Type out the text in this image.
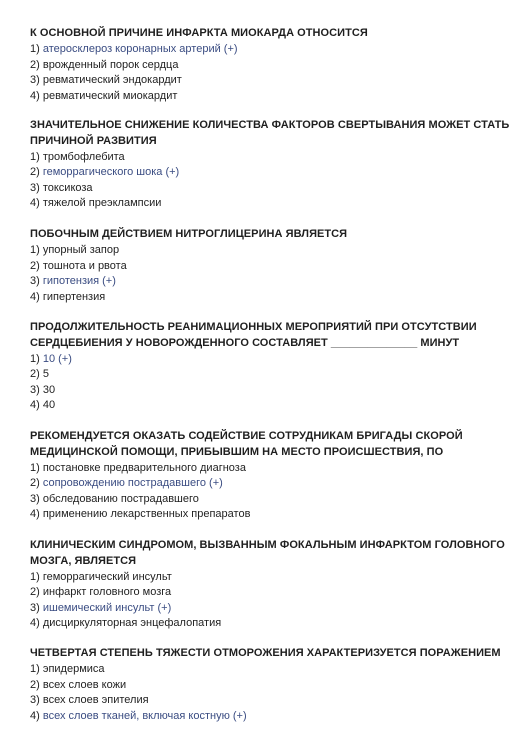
К ОСНОВНОЙ ПРИЧИНЕ ИНФАРКТА МИОКАРДА ОТНОСИТСЯ
1) атеросклероз коронарных артерий (+)
2) врожденный порок сердца
3) ревматический эндокардит
4) ревматический миокардит
ЗНАЧИТЕЛЬНОЕ СНИЖЕНИЕ КОЛИЧЕСТВА ФАКТОРОВ СВЕРТЫВАНИЯ МОЖЕТ СТАТЬ ПРИЧИНОЙ РАЗВИТИЯ
1) тромбофлебита
2) геморрагического шока (+)
3) токсикоза
4) тяжелой преэклампсии
ПОБОЧНЫМ ДЕЙСТВИЕМ НИТРОГЛИЦЕРИНА ЯВЛЯЕТСЯ
1) упорный запор
2) тошнота и рвота
3) гипотензия (+)
4) гипертензия
ПРОДОЛЖИТЕЛЬНОСТЬ РЕАНИМАЦИОННЫХ МЕРОПРИЯТИЙ ПРИ ОТСУТСТВИИ СЕРДЦЕБИЕНИЯ У НОВОРОЖДЕННОГО СОСТАВЛЯЕТ ______________ МИНУТ
1) 10 (+)
2) 5
3) 30
4) 40
РЕКОМЕНДУЕТСЯ ОКАЗАТЬ СОДЕЙСТВИЕ СОТРУДНИКАМ БРИГАДЫ СКОРОЙ МЕДИЦИНСКОЙ ПОМОЩИ, ПРИБЫВШИМ НА МЕСТО ПРОИСШЕСТВИЯ, ПО
1) постановке предварительного диагноза
2) сопровождению пострадавшего (+)
3) обследованию пострадавшего
4) применению лекарственных препаратов
КЛИНИЧЕСКИМ СИНДРОМОМ, ВЫЗВАННЫМ ФОКАЛЬНЫМ ИНФАРКТОМ ГОЛОВНОГО МОЗГА, ЯВЛЯЕТСЯ
1) геморрагический инсульт
2) инфаркт головного мозга
3) ишемический инсульт (+)
4) дисциркуляторная энцефалопатия
ЧЕТВЕРТАЯ СТЕПЕНЬ ТЯЖЕСТИ ОТМОРОЖЕНИЯ ХАРАКТЕРИЗУЕТСЯ ПОРАЖЕНИЕМ
1) эпидермиса
2) всех слоев кожи
3) всех слоев эпителия
4) всех слоев тканей, включая костную (+)
